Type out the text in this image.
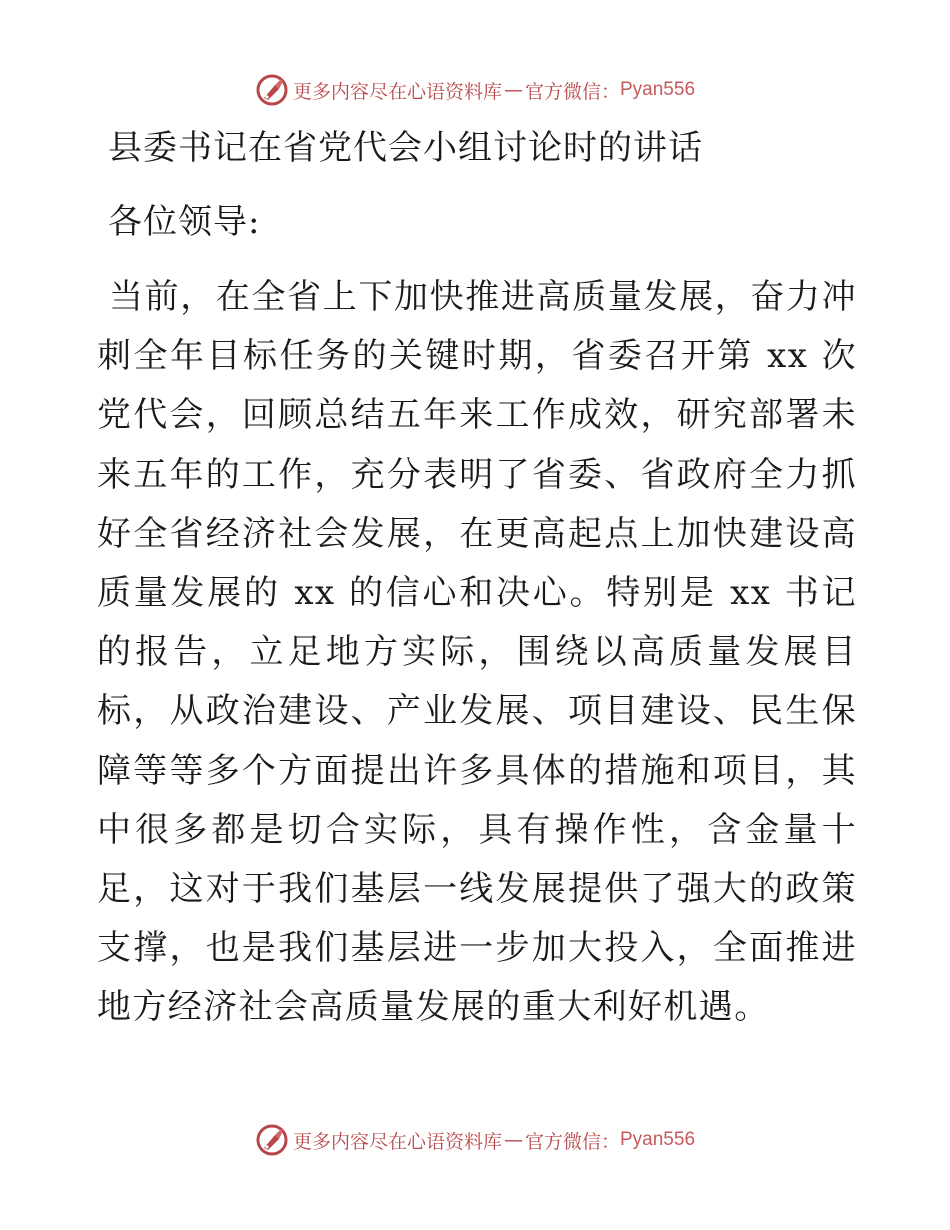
更多内容尽在心语资料库 — 官方微信： Pyan556
县委书记在省党代会小组讨论时的讲话
各位领导:

当前，在全省上下加快推进高质量发展，奋力冲刺全年目标任务的关键时期，省委召开第 xx 次党代会，回顾总结五年来工作成效，研究部署未来五年的工作，充分表明了省委、省政府全力抓好全省经济社会发展，在更高起点上加快建设高质量发展的 xx 的信心和决心。特别是 xx 书记的报告，立足地方实际，围绕以高质量发展目标，从政治建设、产业发展、项目建设、民生保障等等多个方面提出许多具体的措施和项目，其中很多都是切合实际，具有操作性，含金量十足，这对于我们基层一线发展提供了强大的政策支撑，也是我们基层进一步加大投入，全面推进地方经济社会高质量发展的重大利好机遇。

更多内容尽在心语资料库 — 官方微信： Pyan556
